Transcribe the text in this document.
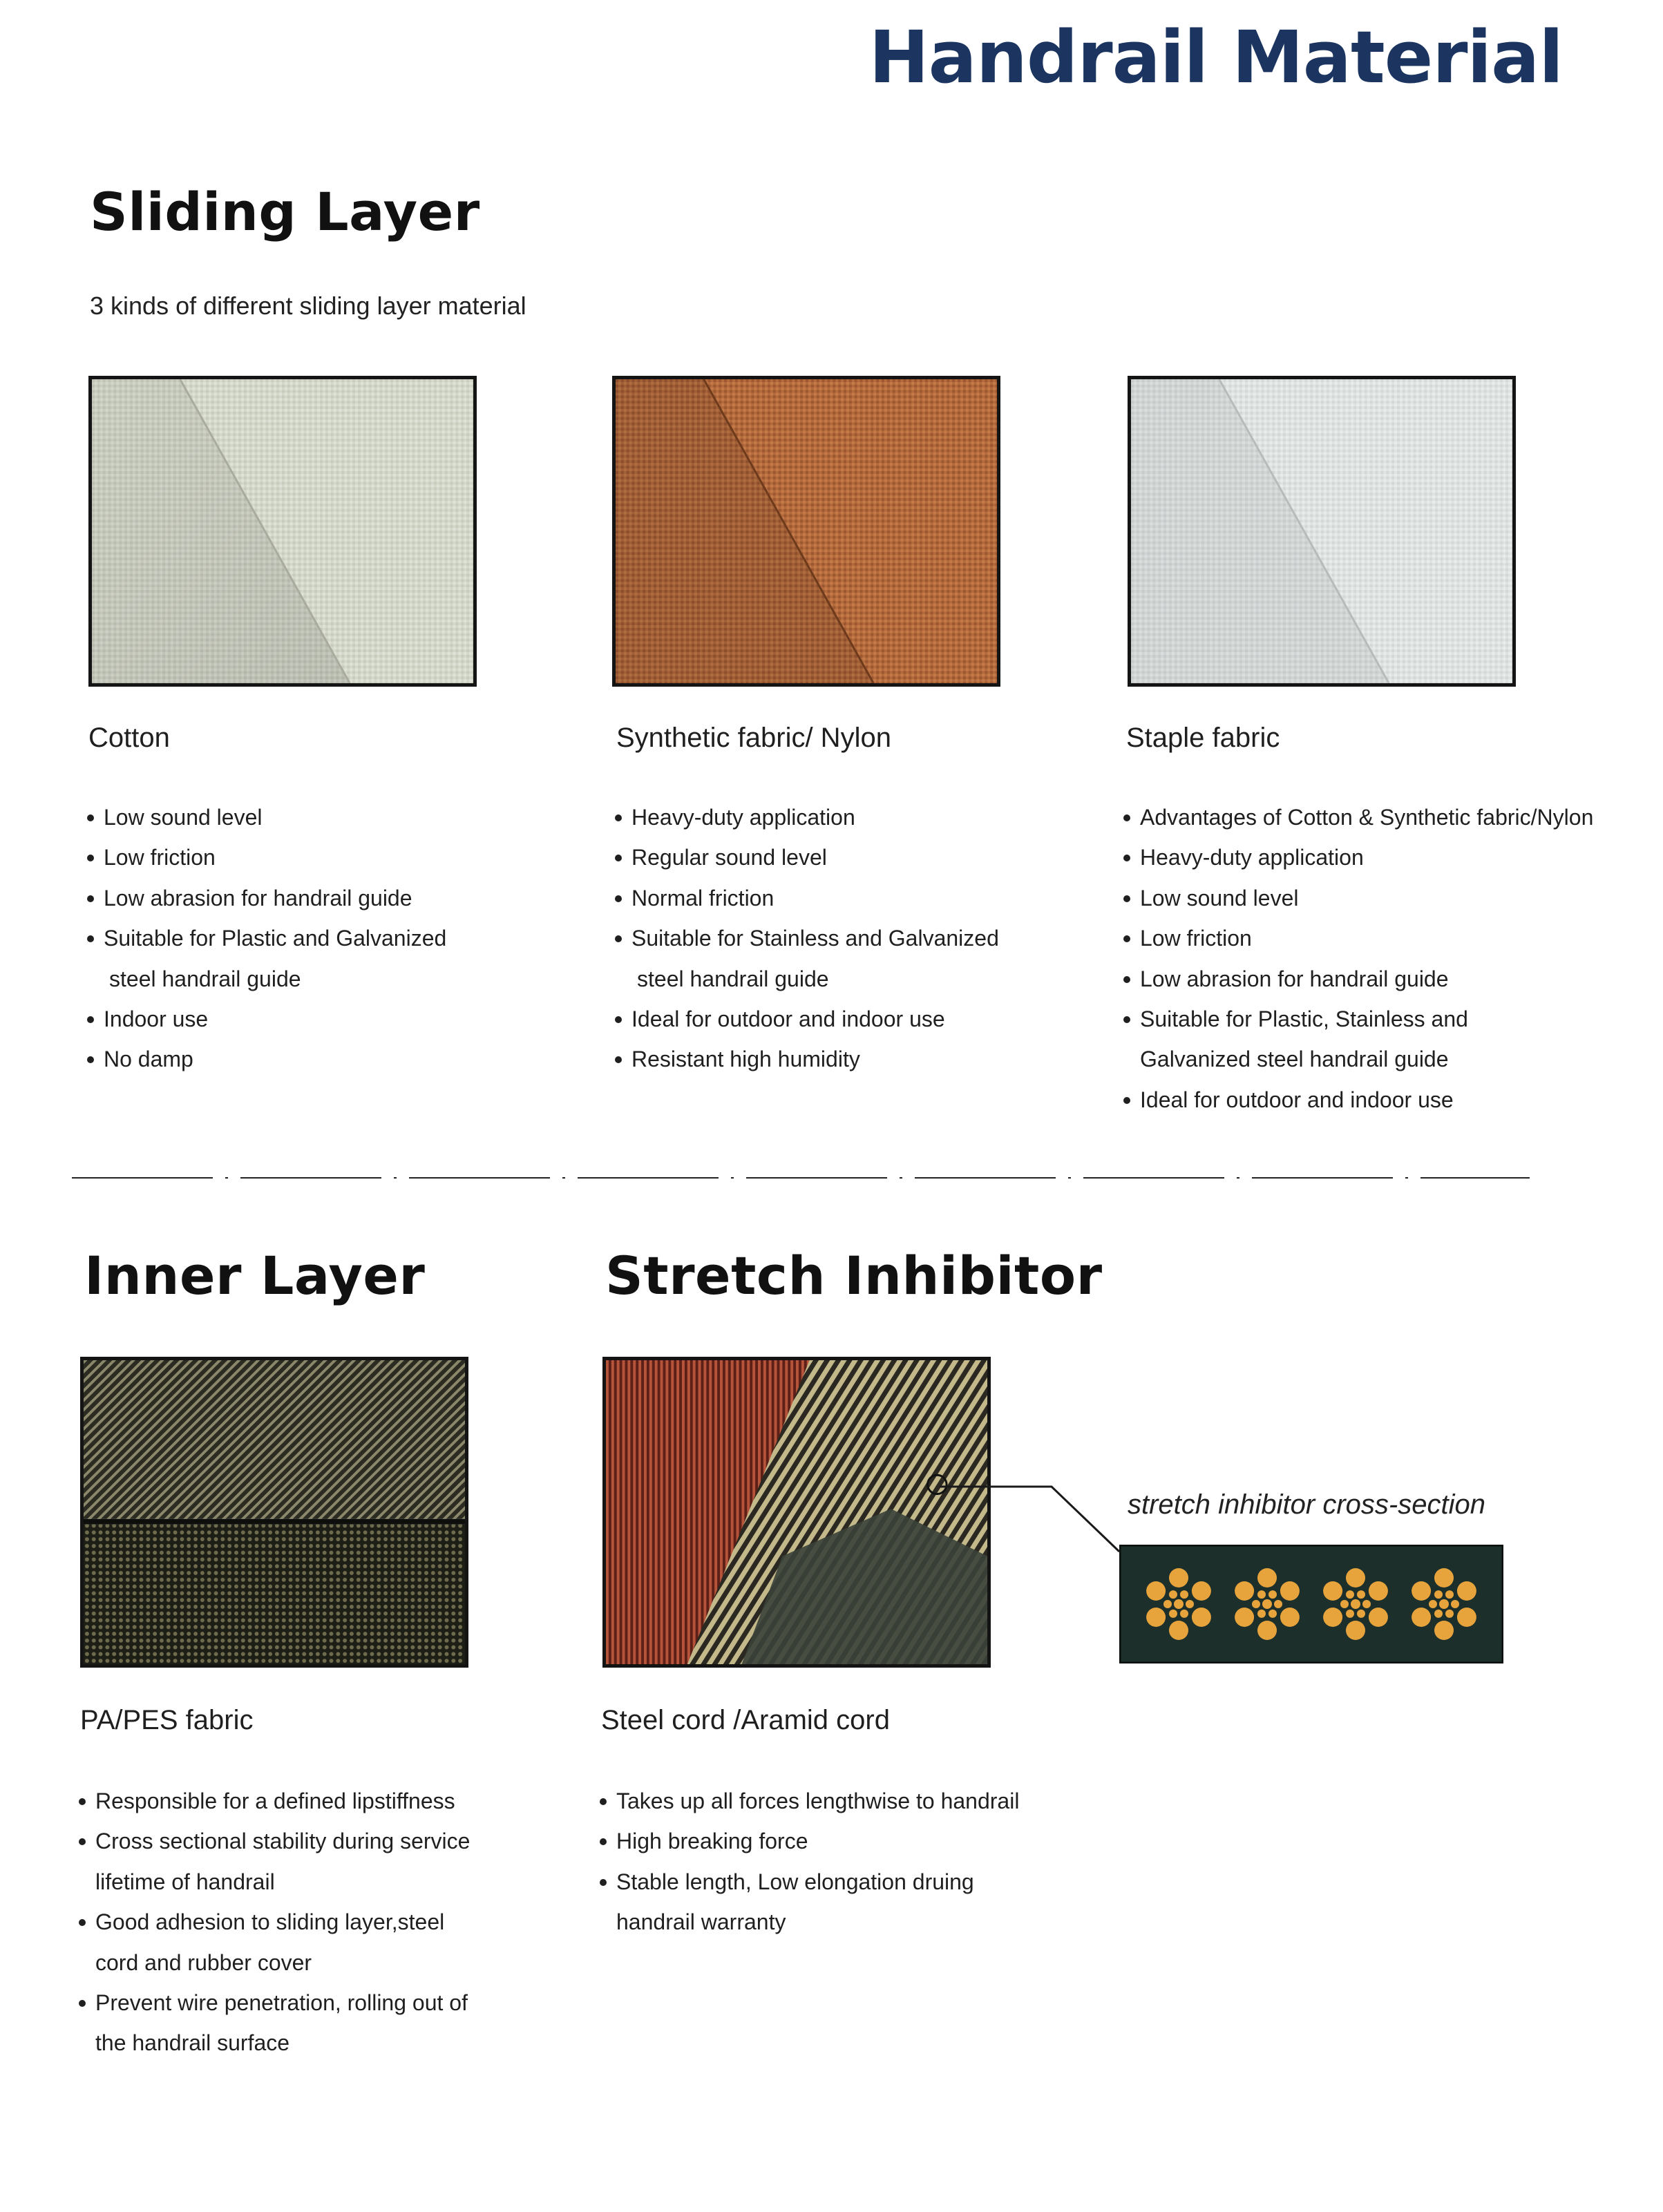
Handrail Material
Sliding Layer

3 kinds of different sliding layer material

Cotton	Synthetic fabric/ Nylon	Staple fabric

Low sound level
Low friction
Low abrasion for handrail guide
Suitable for Plastic and Galvanized
steel handrail guide
Indoor use
No damp
Heavy-duty application
Regular sound level
Normal friction
Suitable for Stainless and Galvanized
steel handrail guide
Ideal for outdoor and indoor use
Resistant high humidity
Advantages of Cotton & Synthetic fabric/Nylon
Heavy-duty application
Low sound level
Low friction
Low abrasion for handrail guide
Suitable for Plastic, Stainless and
Galvanized steel handrail guide
Ideal for outdoor and indoor use
Inner Layer

PA/PES fabric

Responsible for a defined lipstiffness
Cross sectional stability during service
lifetime of handrail
Good adhesion to sliding layer,steel
cord and rubber cover
Prevent wire penetration, rolling out of
the handrail surface
Stretch Inhibitor

Steel cord /Aramid cord

Takes up all forces lengthwise to handrail
High breaking force
Stable length, Low elongation druing
handrail warranty

stretch inhibitor cross-section
